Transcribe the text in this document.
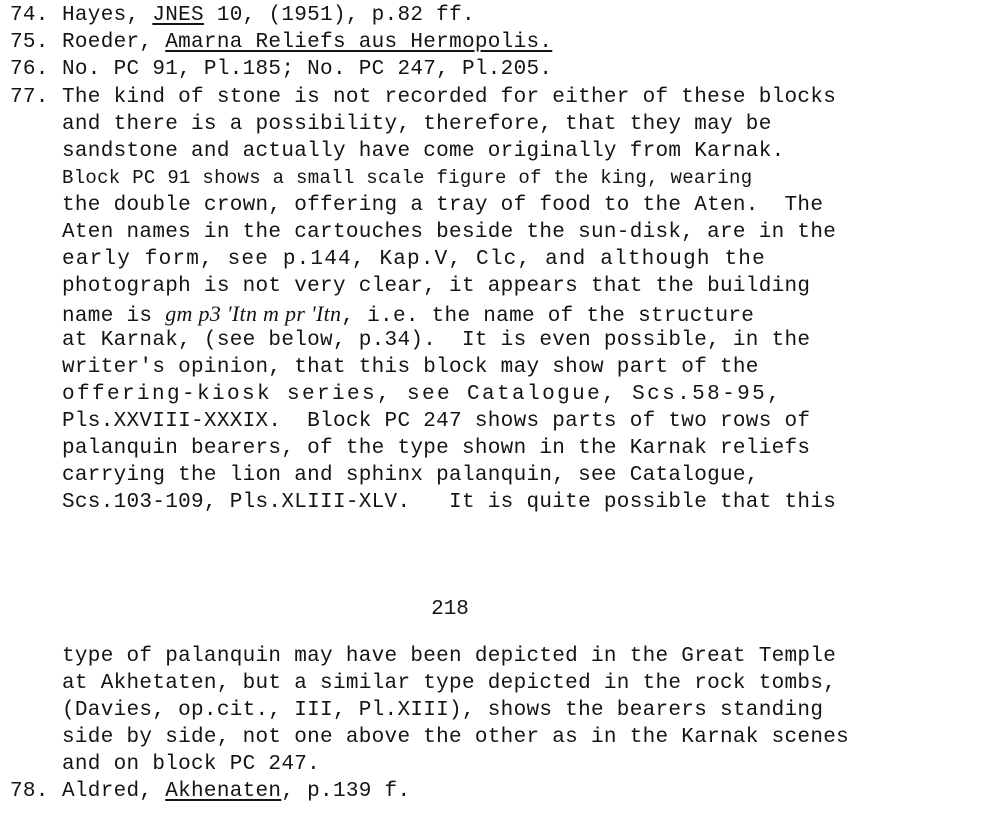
74. Hayes, JNES 10, (1951), p.82 ff.
75. Roeder, Amarna Reliefs aus Hermopolis.
76. No. PC 91, Pl.185; No. PC 247, Pl.205.
77. The kind of stone is not recorded for either of these blocks
and there is a possibility, therefore, that they may be
sandstone and actually have come originally from Karnak.
Block PC 91 shows a small scale figure of the king, wearing
the double crown, offering a tray of food to the Aten.  The
Aten names in the cartouches beside the sun-disk, are in the
early form, see p.144, Kap.V, Clc, and although the
photograph is not very clear, it appears that the building
name is gm p3 'Itn m pr 'Itn, i.e. the name of the structure
at Karnak, (see below, p.34).  It is even possible, in the
writer's opinion, that this block may show part of the
offering-kiosk series, see Catalogue, Scs.58-95,
Pls.XXVIII-XXXIX.  Block PC 247 shows parts of two rows of
palanquin bearers, of the type shown in the Karnak reliefs
carrying the lion and sphinx palanquin, see Catalogue,
Scs.103-109, Pls.XLIII-XLV.   It is quite possible that this
218
type of palanquin may have been depicted in the Great Temple
at Akhetaten, but a similar type depicted in the rock tombs,
(Davies, op.cit., III, Pl.XIII), shows the bearers standing
side by side, not one above the other as in the Karnak scenes
and on block PC 247.
78. Aldred, Akhenaten, p.139 f.
